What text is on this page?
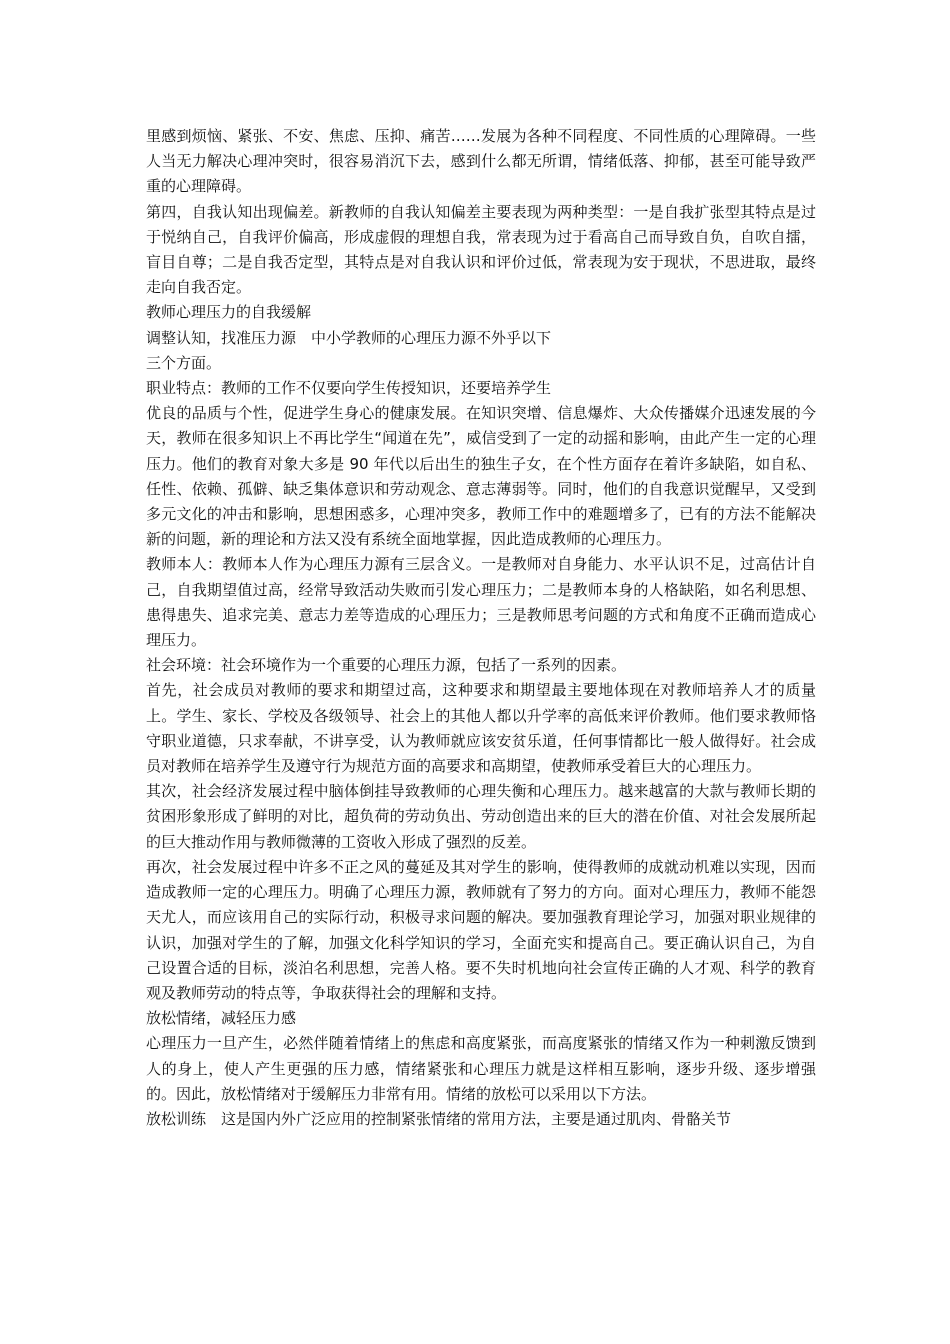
里感到烦恼、紧张、不安、焦虑、压抑、痛苦……发展为各种不同程度、不同性质的心理障碍。一些人当无力解决心理冲突时，很容易消沉下去，感到什么都无所谓，情绪低落、抑郁，甚至可能导致严重的心理障碍。

第四，自我认知出现偏差。新教师的自我认知偏差主要表现为两种类型：一是自我扩张型其特点是过于悦纳自己，自我评价偏高，形成虚假的理想自我，常表现为过于看高自己而导致自负，自吹自擂，盲目自尊；二是自我否定型，其特点是对自我认识和评价过低，常表现为安于现状，不思进取，最终走向自我否定。

教师心理压力的自我缓解

调整认知，找准压力源　中小学教师的心理压力源不外乎以下

三个方面。

职业特点：教师的工作不仅要向学生传授知识，还要培养学生

优良的品质与个性，促进学生身心的健康发展。在知识突增、信息爆炸、大众传播媒介迅速发展的今天，教师在很多知识上不再比学生“闻道在先”，威信受到了一定的动摇和影响，由此产生一定的心理压力。他们的教育对象大多是 90 年代以后出生的独生子女，在个性方面存在着许多缺陷，如自私、任性、依赖、孤僻、缺乏集体意识和劳动观念、意志薄弱等。同时，他们的自我意识觉醒早，又受到多元文化的冲击和影响，思想困惑多，心理冲突多，教师工作中的难题增多了，已有的方法不能解决新的问题，新的理论和方法又没有系统全面地掌握，因此造成教师的心理压力。

教师本人：教师本人作为心理压力源有三层含义。一是教师对自身能力、水平认识不足，过高估计自己，自我期望值过高，经常导致活动失败而引发心理压力；二是教师本身的人格缺陷，如名利思想、患得患失、追求完美、意志力差等造成的心理压力；三是教师思考问题的方式和角度不正确而造成心理压力。

社会环境：社会环境作为一个重要的心理压力源，包括了一系列的因素。

首先，社会成员对教师的要求和期望过高，这种要求和期望最主要地体现在对教师培养人才的质量上。学生、家长、学校及各级领导、社会上的其他人都以升学率的高低来评价教师。他们要求教师恪守职业道德，只求奉献，不讲享受，认为教师就应该安贫乐道，任何事情都比一般人做得好。社会成员对教师在培养学生及遵守行为规范方面的高要求和高期望，使教师承受着巨大的心理压力。

其次，社会经济发展过程中脑体倒挂导致教师的心理失衡和心理压力。越来越富的大款与教师长期的贫困形象形成了鲜明的对比，超负荷的劳动负出、劳动创造出来的巨大的潜在价值、对社会发展所起的巨大推动作用与教师微薄的工资收入形成了强烈的反差。

再次，社会发展过程中许多不正之风的蔓延及其对学生的影响，使得教师的成就动机难以实现，因而造成教师一定的心理压力。明确了心理压力源，教师就有了努力的方向。面对心理压力，教师不能怨天尤人，而应该用自己的实际行动，积极寻求问题的解决。要加强教育理论学习，加强对职业规律的认识，加强对学生的了解，加强文化科学知识的学习，全面充实和提高自己。要正确认识自己，为自己设置合适的目标，淡泊名利思想，完善人格。要不失时机地向社会宣传正确的人才观、科学的教育观及教师劳动的特点等，争取获得社会的理解和支持。

放松情绪，减轻压力感

心理压力一旦产生，必然伴随着情绪上的焦虑和高度紧张，而高度紧张的情绪又作为一种刺激反馈到人的身上，使人产生更强的压力感，情绪紧张和心理压力就是这样相互影响，逐步升级、逐步增强的。因此，放松情绪对于缓解压力非常有用。情绪的放松可以采用以下方法。

放松训练　这是国内外广泛应用的控制紧张情绪的常用方法，主要是通过肌肉、骨骼关节
